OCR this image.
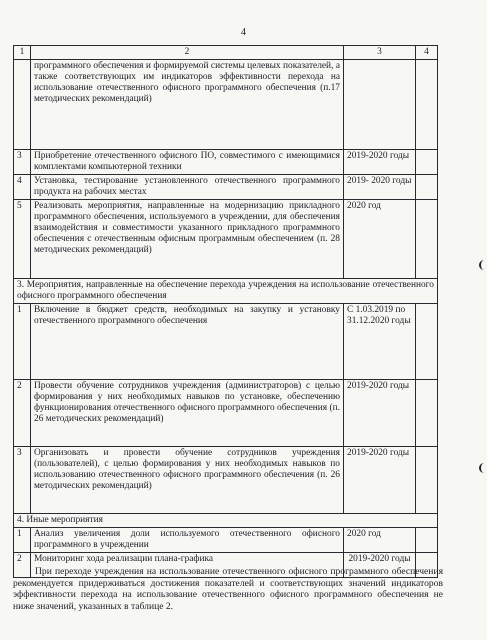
4
1	2	3	4
	программного обеспечения и формируемой системы целевых показателей, а также соответствующих им индикаторов эффективности перехода на использование отечественного офисного программного обеспечения (п.17 методических рекомендаций)		
3	Приобретение отечественного офисного ПО, совместимого с имеющимися комплектами компьютерной техники	2019-2020 годы	
4	Установка, тестирование установленного отечественного программного продукта на рабочих местах	2019- 2020 годы	
5	Реализовать мероприятия, направленные на модернизацию прикладного программного обеспечения, используемого в учреждении, для обеспечения взаимодействия и совместимости указанного прикладного программного обеспечения с отечественным офисным программным обеспечением (п. 28 методических рекомендаций)	2020 год	
3. Мероприятия, направленные на обеспечение перехода учреждения на использование отечественного офисного программного обеспечения			
1	Включение в бюджет средств, необходимых на закупку и установку отечественного программного обеспечения	С 1.03.2019 по 31.12.2020 годы	
2	Провести обучение сотрудников учреждения (администраторов) с целью формирования у них необходимых навыков по установке, обеспечению функционирования отечественного офисного программного обеспечения (п. 26 методических рекомендаций)	2019-2020 годы	
3	Организовать и провести обучение сотрудников учреждения (пользователей), с целью формирования у них необходимых навыков по использованию отечественного офисного программного обеспечения (п. 26 методических рекомендаций)	2019-2020 годы	
4. Иные мероприятия			
1	Анализ увеличения доли используемого отечественного офисного программного в учреждении	2020 год	
2	Мониторинг хода реализации плана-графика	2019-2020 годы	

При переходе учреждения на использование отечественного офисного программного обеспечения рекомендуется придерживаться достижения показателей и соответствующих значений индикаторов эффективности перехода на использование отечественного офисного программного обеспечения не ниже значений, указанных в таблице 2.
